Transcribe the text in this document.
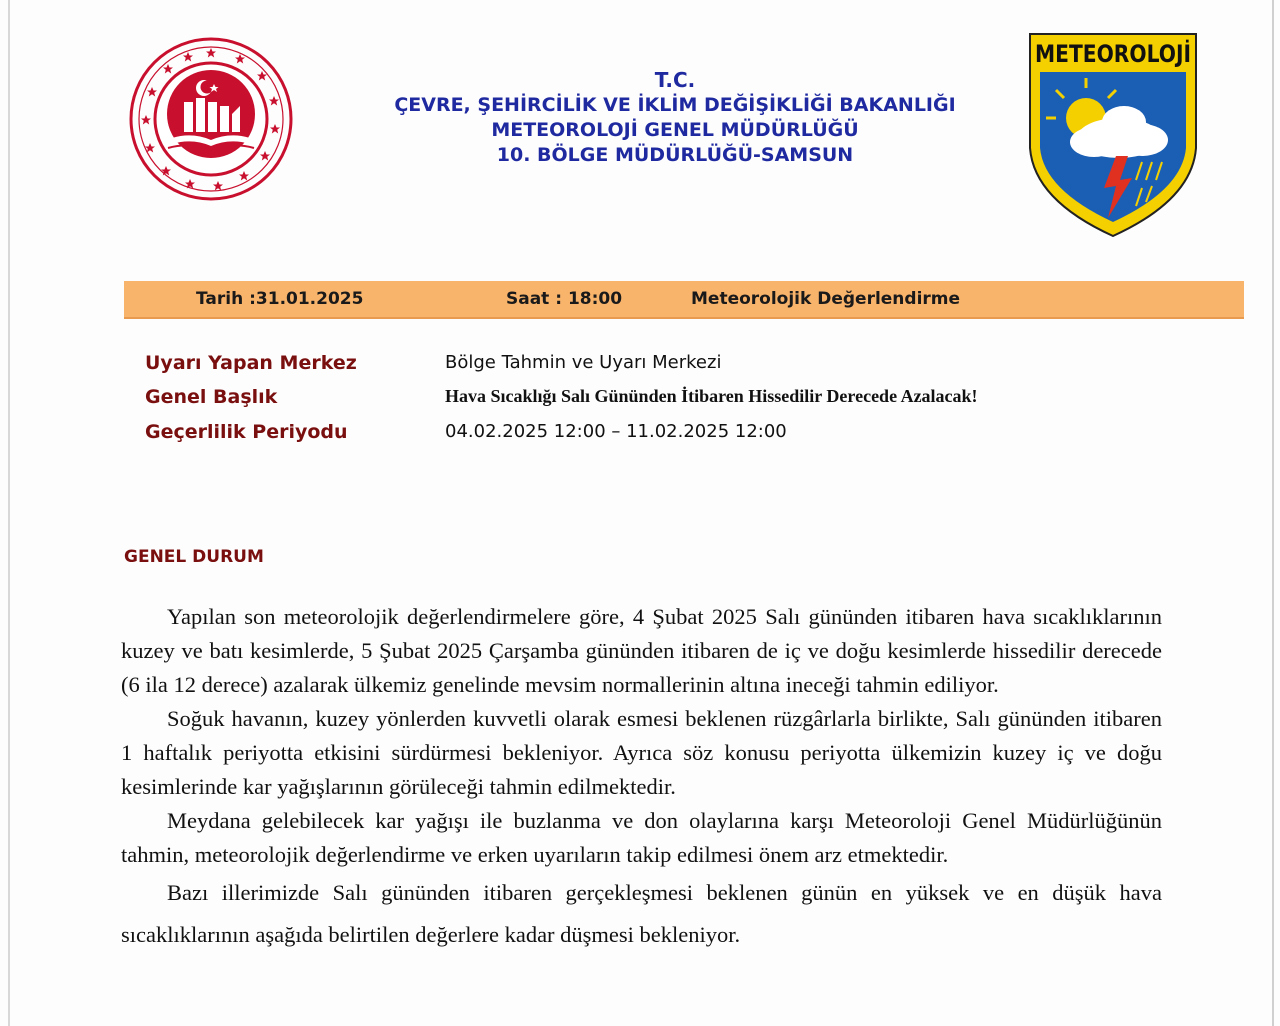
T.C.
ÇEVRE, ŞEHİRCİLİK VE İKLİM DEĞİŞİKLİĞİ BAKANLIĞI
METEOROLOJİ GENEL MÜDÜRLÜĞÜ
10. BÖLGE MÜDÜRLÜĞÜ-SAMSUN
METEOROLOJİ
Tarih :31.01.2025	Saat : 18:00	Meteorolojik Değerlendirme
Uyarı Yapan Merkez	Bölge Tahmin ve Uyarı Merkezi
Genel Başlık	Hava Sıcaklığı Salı Gününden İtibaren Hissedilir Derecede Azalacak!
Geçerlilik Periyodu	04.02.2025 12:00 – 11.02.2025 12:00
GENEL DURUM

Yapılan son meteorolojik değerlendirmelere göre, 4 Şubat 2025 Salı gününden itibaren hava sıcaklıklarının kuzey ve batı kesimlerde, 5 Şubat 2025 Çarşamba gününden itibaren de iç ve doğu kesimlerde hissedilir derecede (6 ila 12 derece) azalarak ülkemiz genelinde mevsim normallerinin altına ineceği tahmin ediliyor.

Soğuk havanın, kuzey yönlerden kuvvetli olarak esmesi beklenen rüzgârlarla birlikte, Salı gününden itibaren 1 haftalık periyotta etkisini sürdürmesi bekleniyor. Ayrıca söz konusu periyotta ülkemizin kuzey iç ve doğu kesimlerinde kar yağışlarının görüleceği tahmin edilmektedir.

Meydana gelebilecek kar yağışı ile buzlanma ve don olaylarına karşı Meteoroloji Genel Müdürlüğünün tahmin, meteorolojik değerlendirme ve erken uyarıların takip edilmesi önem arz etmektedir.

Bazı illerimizde Salı gününden itibaren gerçekleşmesi beklenen günün en yüksek ve en düşük hava sıcaklıklarının aşağıda belirtilen değerlere kadar düşmesi bekleniyor.
